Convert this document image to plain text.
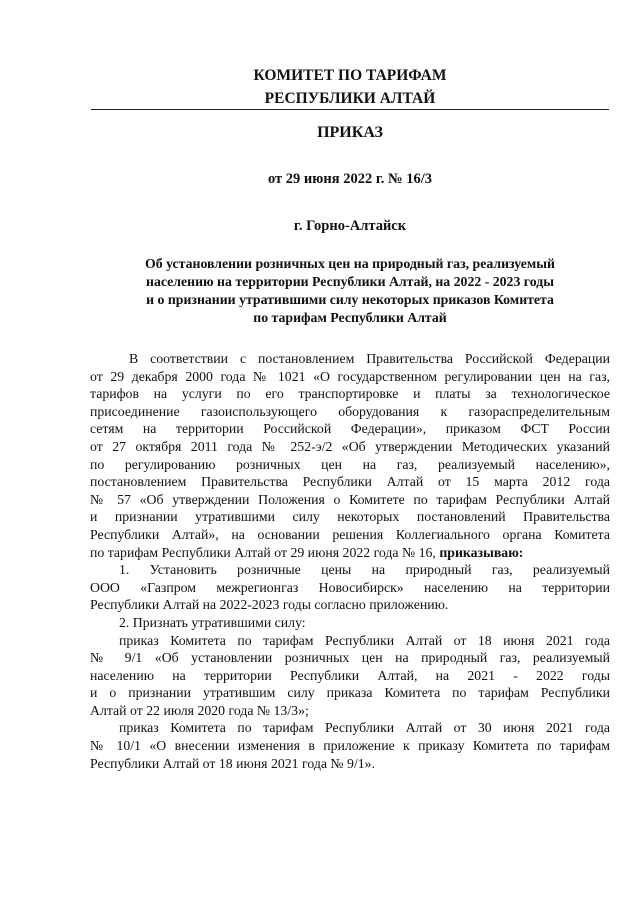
КОМИТЕТ ПО ТАРИФАМ
РЕСПУБЛИКИ АЛТАЙ
ПРИКАЗ
от 29 июня 2022 г. № 16/3
г. Горно-Алтайск
Об установлении розничных цен на природный газ, реализуемый
населению на территории Республики Алтай, на 2022 - 2023 годы
и о признании утратившими силу некоторых приказов Комитета
по тарифам Республики Алтай

В соответствии с постановлением Правительства Российской Федерации

от 29 декабря 2000 года № 1021 «О государственном регулировании цен на газ,

тарифов на услуги по его транспортировке и платы за технологическое

присоединение газоиспользующего оборудования к газораспределительным

сетям на территории Российской Федерации», приказом ФСТ России

от 27 октября 2011 года № 252-э/2 «Об утверждении Методических указаний

по регулированию розничных цен на газ, реализуемый населению»,

постановлением Правительства Республики Алтай от 15 марта 2012 года

№ 57 «Об утверждении Положения о Комитете по тарифам Республики Алтай

и признании утратившими силу некоторых постановлений Правительства

Республики Алтай», на основании решения Коллегиального органа Комитета

по тарифам Республики Алтай от 29 июня 2022 года № 16, приказываю:

1. Установить розничные цены на природный газ, реализуемый

ООО «Газпром межрегионгаз Новосибирск» населению на территории

Республики Алтай на 2022-2023 годы согласно приложению.

2. Признать утратившими силу:

приказ Комитета по тарифам Республики Алтай от 18 июня 2021 года

№ 9/1 «Об установлении розничных цен на природный газ, реализуемый

населению на территории Республики Алтай, на 2021 - 2022 годы

и о признании утратившим силу приказа Комитета по тарифам Республики

Алтай от 22 июля 2020 года № 13/3»;

приказ Комитета по тарифам Республики Алтай от 30 июня 2021 года

№ 10/1 «О внесении изменения в приложение к приказу Комитета по тарифам

Республики Алтай от 18 июня 2021 года № 9/1».
